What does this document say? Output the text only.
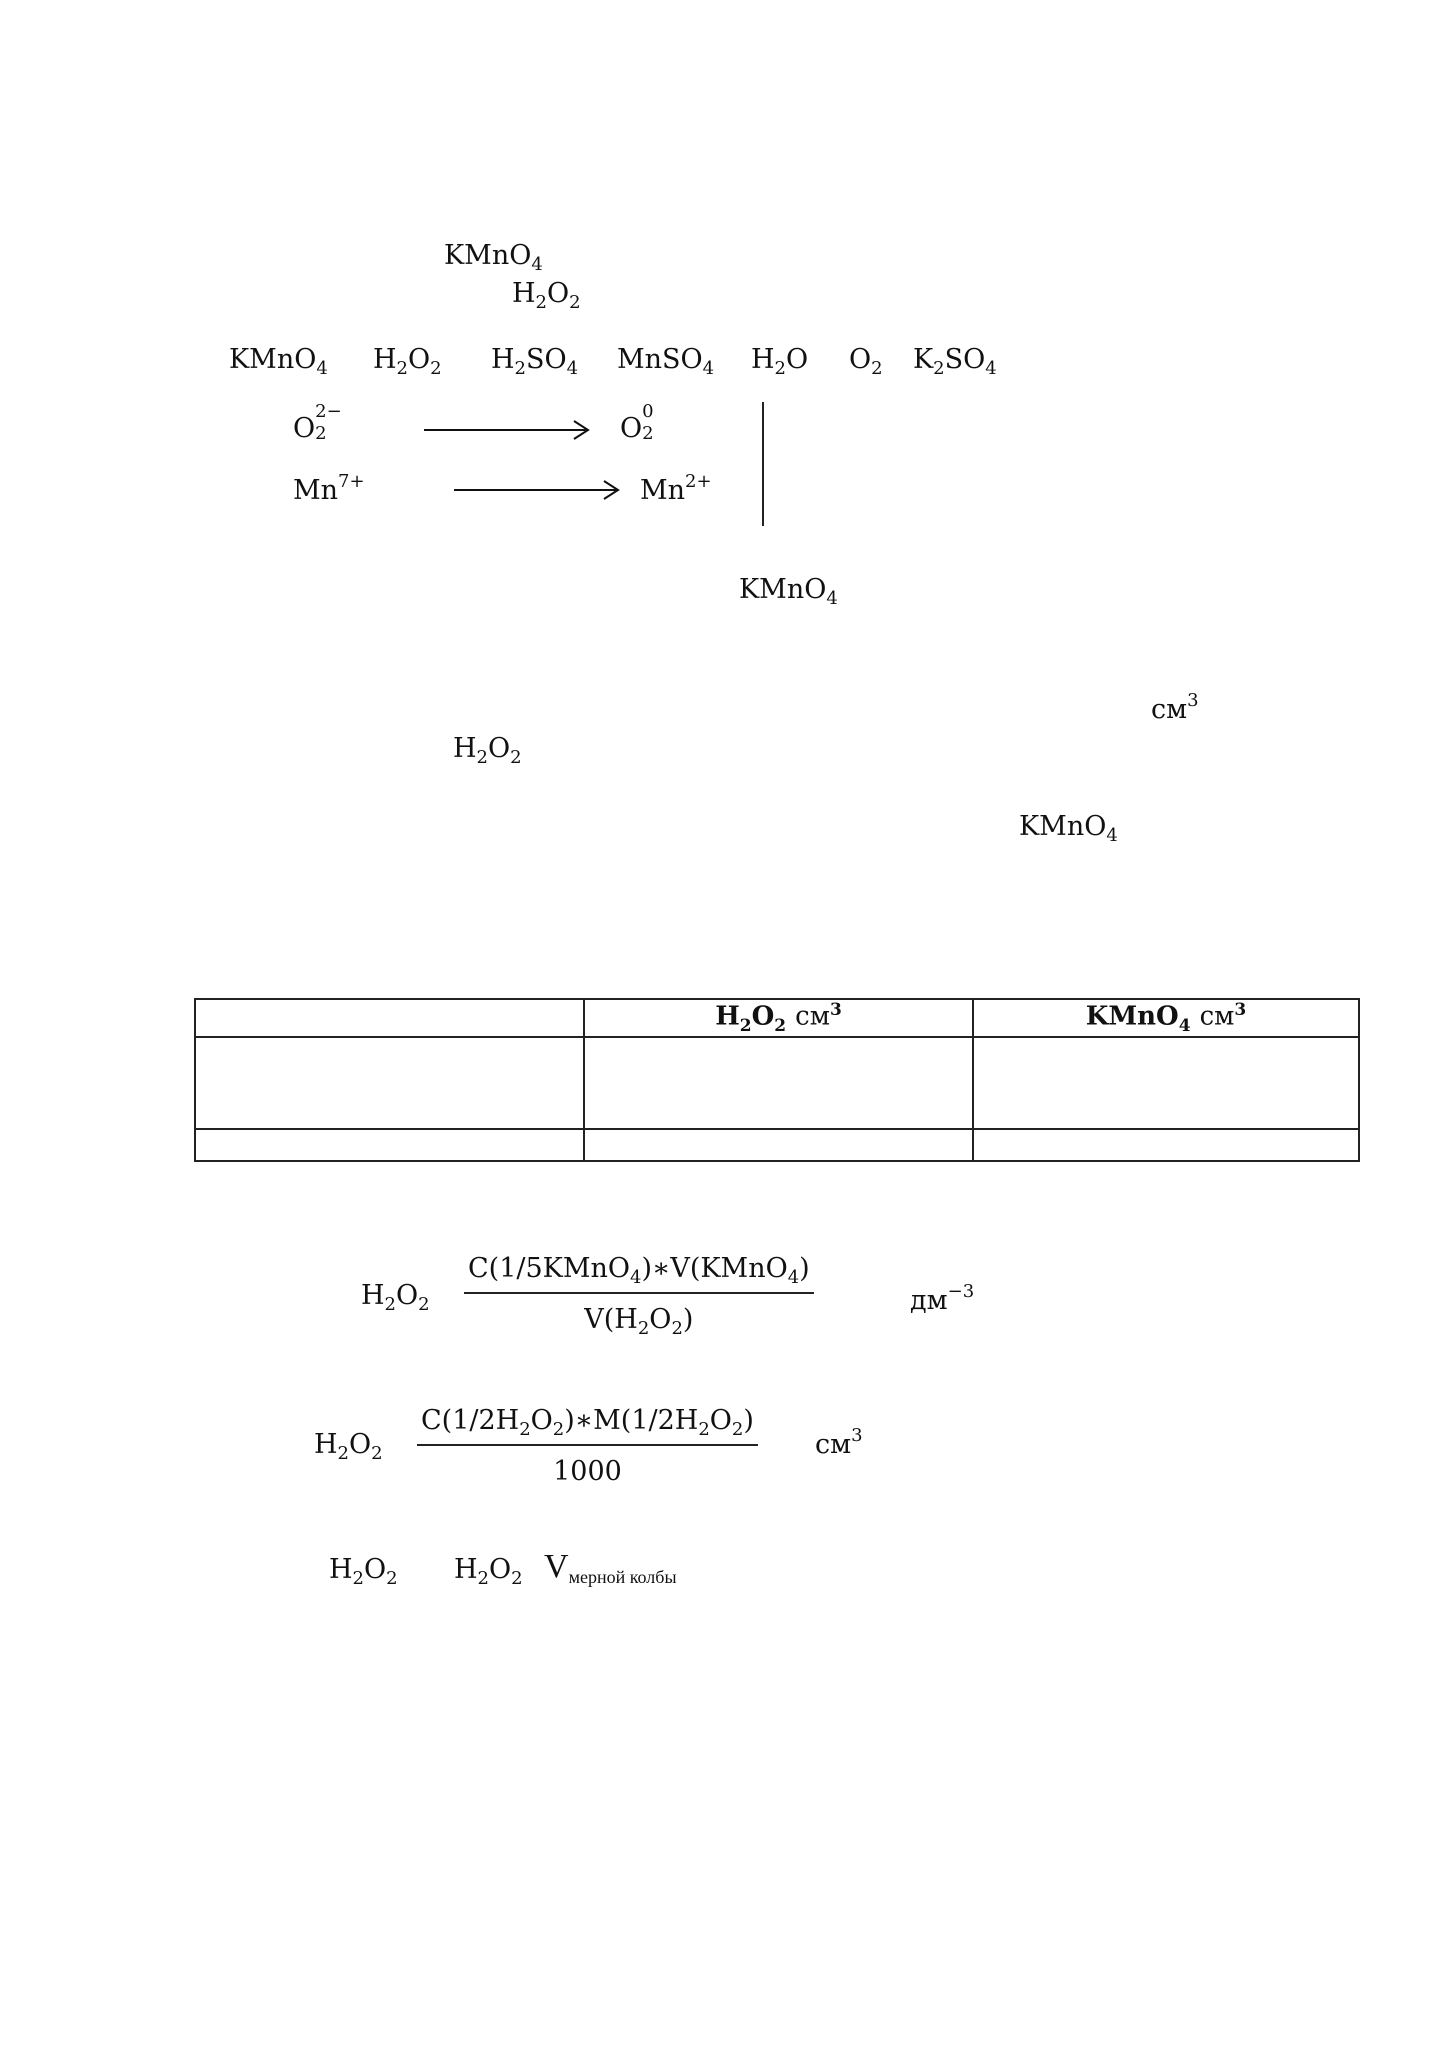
KMnO$_4$
$H_2O_2$
KMnO$_4$ $H_2O_2$ $H_2SO_4$ MnSO$_4$ $H_2O$ $O_2$ $K_2SO_4$
O
2−
2	O
0
2
$Mn^{7+}$	$Mn^{2+}$
KMnO$_4$
$см^3$
$H_2O_2$
KMnO$_4$
	$H_2O_2$ $см^3$	KMnO$_4$ $см^3$

$H_2O_2$
C(1/5KMnO$_4$)∗V(KMnO$_4$)
$V(H_2O_2)$
$дм^{-3}$
$H_2O_2 \frac{C(1/2H_2O_2)∗M(1/2H_2O_2)}{1000} см^3$
$H_2O_2$ $H_2O_2$ $V_{мерной колбы}$
